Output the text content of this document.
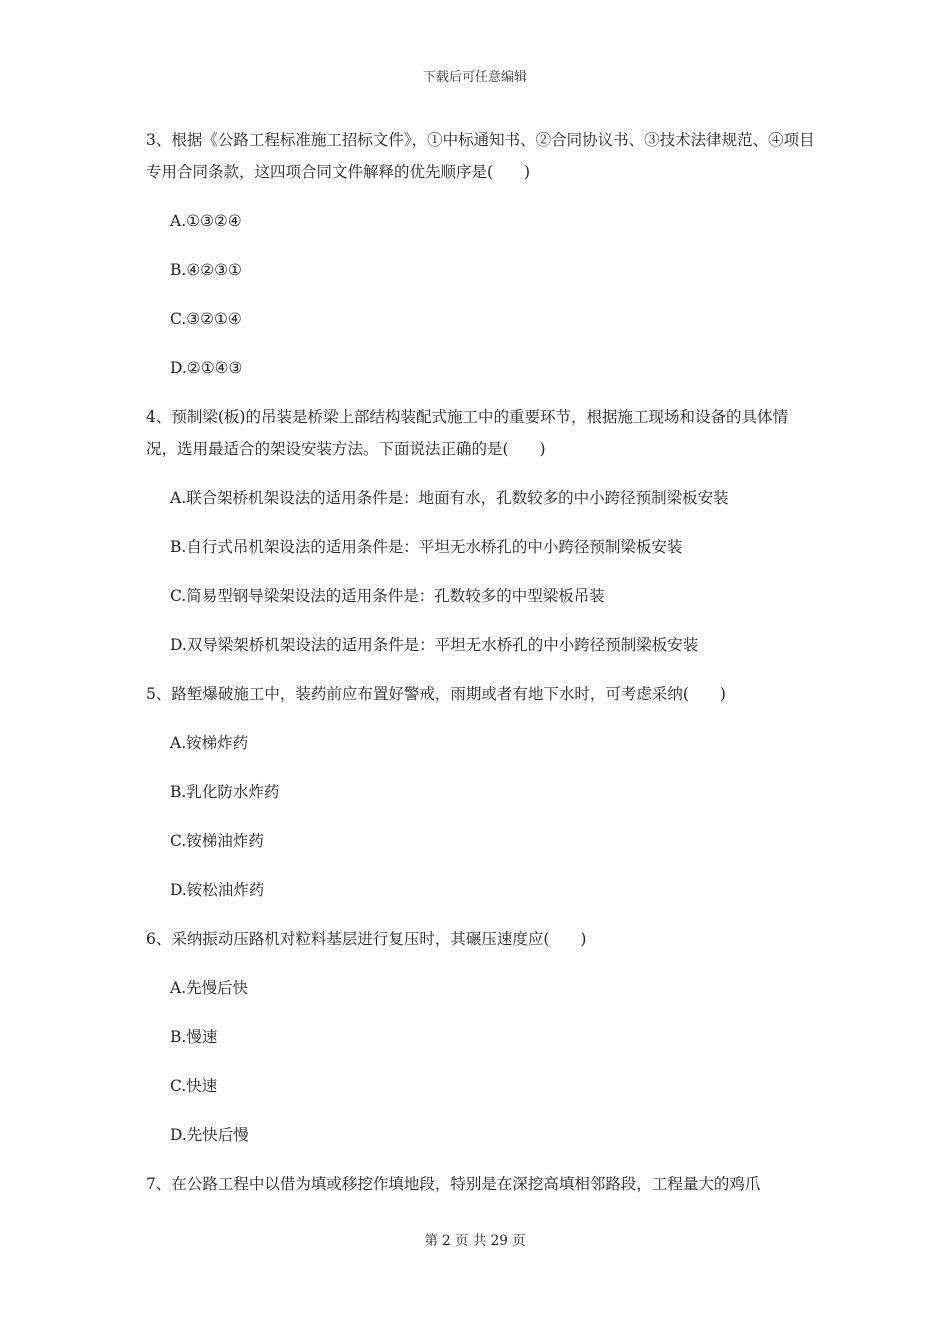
下载后可任意编辑

3、根据《公路工程标准施工招标文件》，①中标通知书、②合同协议书、③技术法律规范、④项目专用合同条款，这四项合同文件解释的优先顺序是(　　)

A.①③②④

B.④②③①

C.③②①④

D.②①④③

4、预制梁(板)的吊装是桥梁上部结构装配式施工中的重要环节，根据施工现场和设备的具体情况，选用最适合的架设安装方法。下面说法正确的是(　　)

A.联合架桥机架设法的适用条件是：地面有水，孔数较多的中小跨径预制梁板安装

B.自行式吊机架设法的适用条件是：平坦无水桥孔的中小跨径预制梁板安装

C.简易型钢导梁架设法的适用条件是：孔数较多的中型梁板吊装

D.双导梁架桥机架设法的适用条件是：平坦无水桥孔的中小跨径预制梁板安装

5、路堑爆破施工中，装药前应布置好警戒，雨期或者有地下水时，可考虑采纳(　　)

A.铵梯炸药

B.乳化防水炸药

C.铵梯油炸药

D.铵松油炸药

6、采纳振动压路机对粒料基层进行复压时，其碾压速度应(　　)

A.先慢后快

B.慢速

C.快速

D.先快后慢

7、在公路工程中以借为填或移挖作填地段，特别是在深挖高填相邻路段，工程量大的鸡爪

第 2 页 共 29 页
